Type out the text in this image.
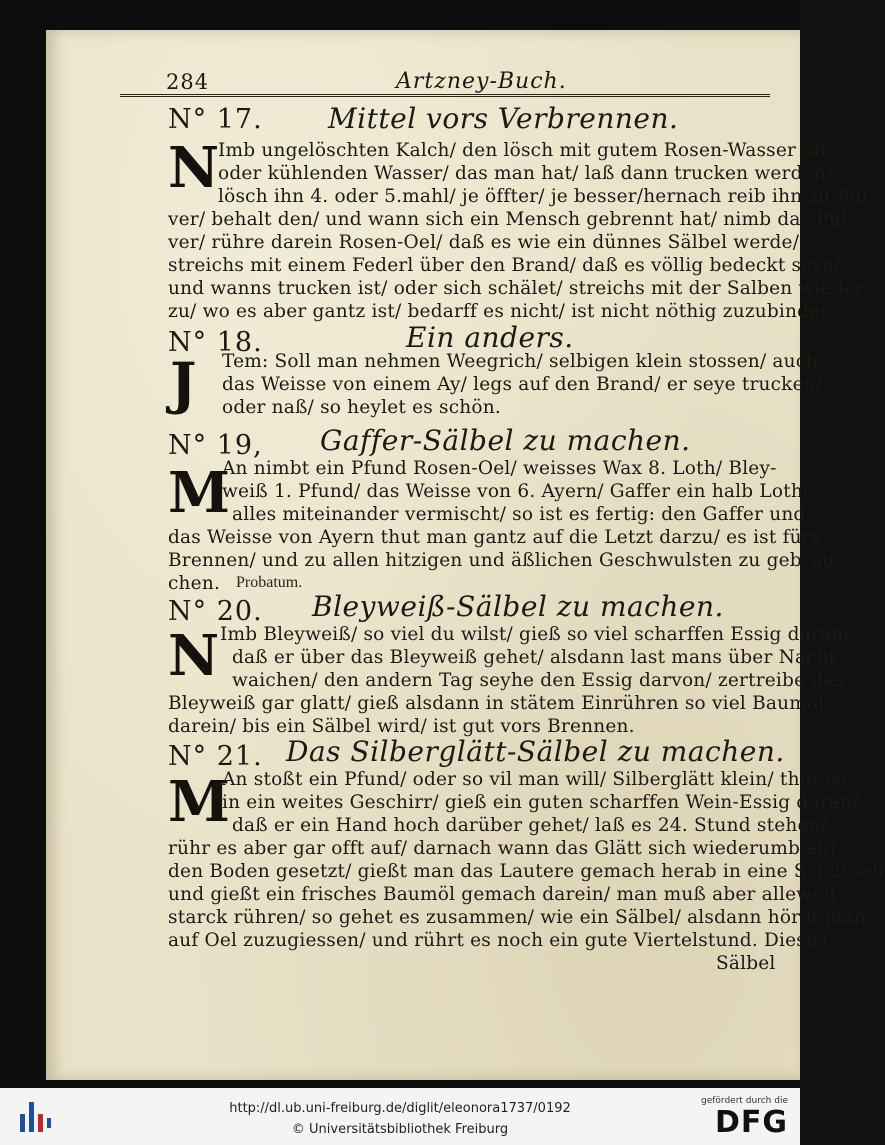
284	Artzney-Buch.
N° 17. Mittel vors Verbrennen.
N
Imb ungelöschten Kalch/ den lösch mit gutem Rosen-Wasser ab/
oder kühlenden Wasser/ das man hat/ laß dann trucken werden/
lösch ihn 4. oder 5.mahl/ je öffter/ je besser/hernach reib ihn zu Pul-
ver/ behalt den/ und wann sich ein Mensch gebrennt hat/ nimb das Pul-
ver/ rühre darein Rosen-Oel/ daß es wie ein dünnes Sälbel werde/
streichs mit einem Federl über den Brand/ daß es völlig bedeckt seye/
und wanns trucken ist/ oder sich schälet/ streichs mit der Salben wieder
zu/ wo es aber gantz ist/ bedarff es nicht/ ist nicht nöthig zuzubinden.
N° 18.	Ein anders.
J Tem: Soll man nehmen Weegrich/ selbigen klein stossen/ auch
das Weisse von einem Ay/ legs auf den Brand/ er seye trucken/
oder naß/ so heylet es schön.
N° 19, Gaffer-Sälbel zu machen.
M
An nimbt ein Pfund Rosen-Oel/ weisses Wax 8. Loth/ Bley-
weiß 1. Pfund/ das Weisse von 6. Ayern/ Gaffer ein halb Loth/
alles miteinander vermischt/ so ist es fertig: den Gaffer und
das Weisse von Ayern thut man gantz auf die Letzt darzu/ es ist fürs
Brennen/ und zu allen hitzigen und äßlichen Geschwulsten zu gebrau-
chen. Probatum.
N° 20. Bleyweiß-Sälbel zu machen.
N Imb Bleyweiß/ so viel du wilst/ gieß so viel scharffen Essig daran/
daß er über das Bleyweiß gehet/ alsdann last mans über Nacht
waichen/ den andern Tag seyhe den Essig darvon/ zertreibe das
Bleyweiß gar glatt/ gieß alsdann in stätem Einrühren so viel Baumöl
darein/ bis ein Sälbel wird/ ist gut vors Brennen.
N° 21. Das Silberglätt-Sälbel zu machen.
M
An stoßt ein Pfund/ oder so vil man will/ Silberglätt klein/ thut es
in ein weites Geschirr/ gieß ein guten scharffen Wein-Essig daran/
daß er ein Hand hoch darüber gehet/ laß es 24. Stund stehen/
rühr es aber gar offt auf/ darnach wann das Glätt sich wiederumb auf
den Boden gesetzt/ gießt man das Lautere gemach herab in eine Schüssel/
und gießt ein frisches Baumöl gemach darein/ man muß aber alleweil
starck rühren/ so gehet es zusammen/ wie ein Sälbel/ alsdann höret man
auf Oel zuzugiessen/ und rührt es noch ein gute Viertelstund. Dieses
Sälbel
http://dl.ub.uni-freiburg.de/diglit/eleonora1737/0192
© Universitätsbibliothek Freiburg
gefördert durch die
DFG
